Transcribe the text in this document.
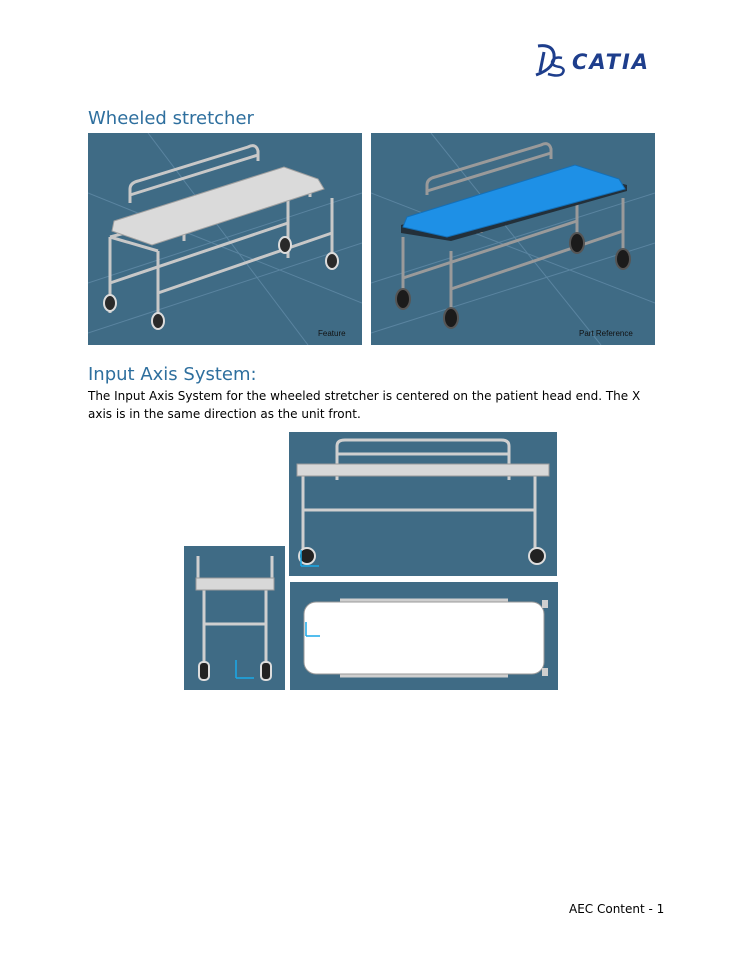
CATIA
Wheeled stretcher
Feature	Part Reference
Input Axis System:

The Input Axis System for the wheeled stretcher is centered on the patient head end. The X axis is in the same direction as the unit front.

AEC Content - 1
